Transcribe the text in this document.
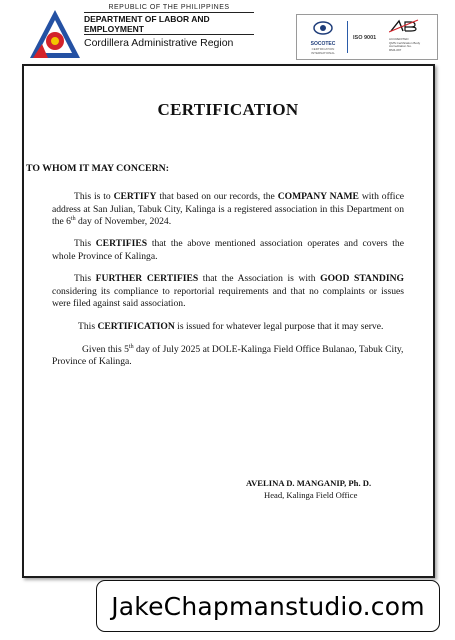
REPUBLIC OF THE PHILIPPINES
DEPARTMENT OF LABOR AND EMPLOYMENT
Cordillera Administrative Region	SOCOTEC
CERTIFICATION INTERNATIONAL
ISO 9001	ACCREDITED
QMS Certification Body
Accreditation No.
RM4-097
CERTIFICATION
TO WHOM IT MAY CONCERN:

This is to CERTIFY that based on our records, the COMPANY NAME with office address at San Julian, Tabuk City, Kalinga is a registered association in this Department on the 6th day of November, 2024.

This CERTIFIES that the above mentioned association operates and covers the whole Province of Kalinga.

This FURTHER CERTIFIES that the Association is with GOOD STANDING considering its compliance to reportorial requirements and that no complaints or issues were filed against said association.

This CERTIFICATION is issued for whatever legal purpose that it may serve.

Given this 5th day of July 2025 at DOLE-Kalinga Field Office Bulanao, Tabuk City, Province of Kalinga.

AVELINA D. MANGANIP, Ph. D.
Head, Kalinga Field Office
JakeChapmanstudio.com
